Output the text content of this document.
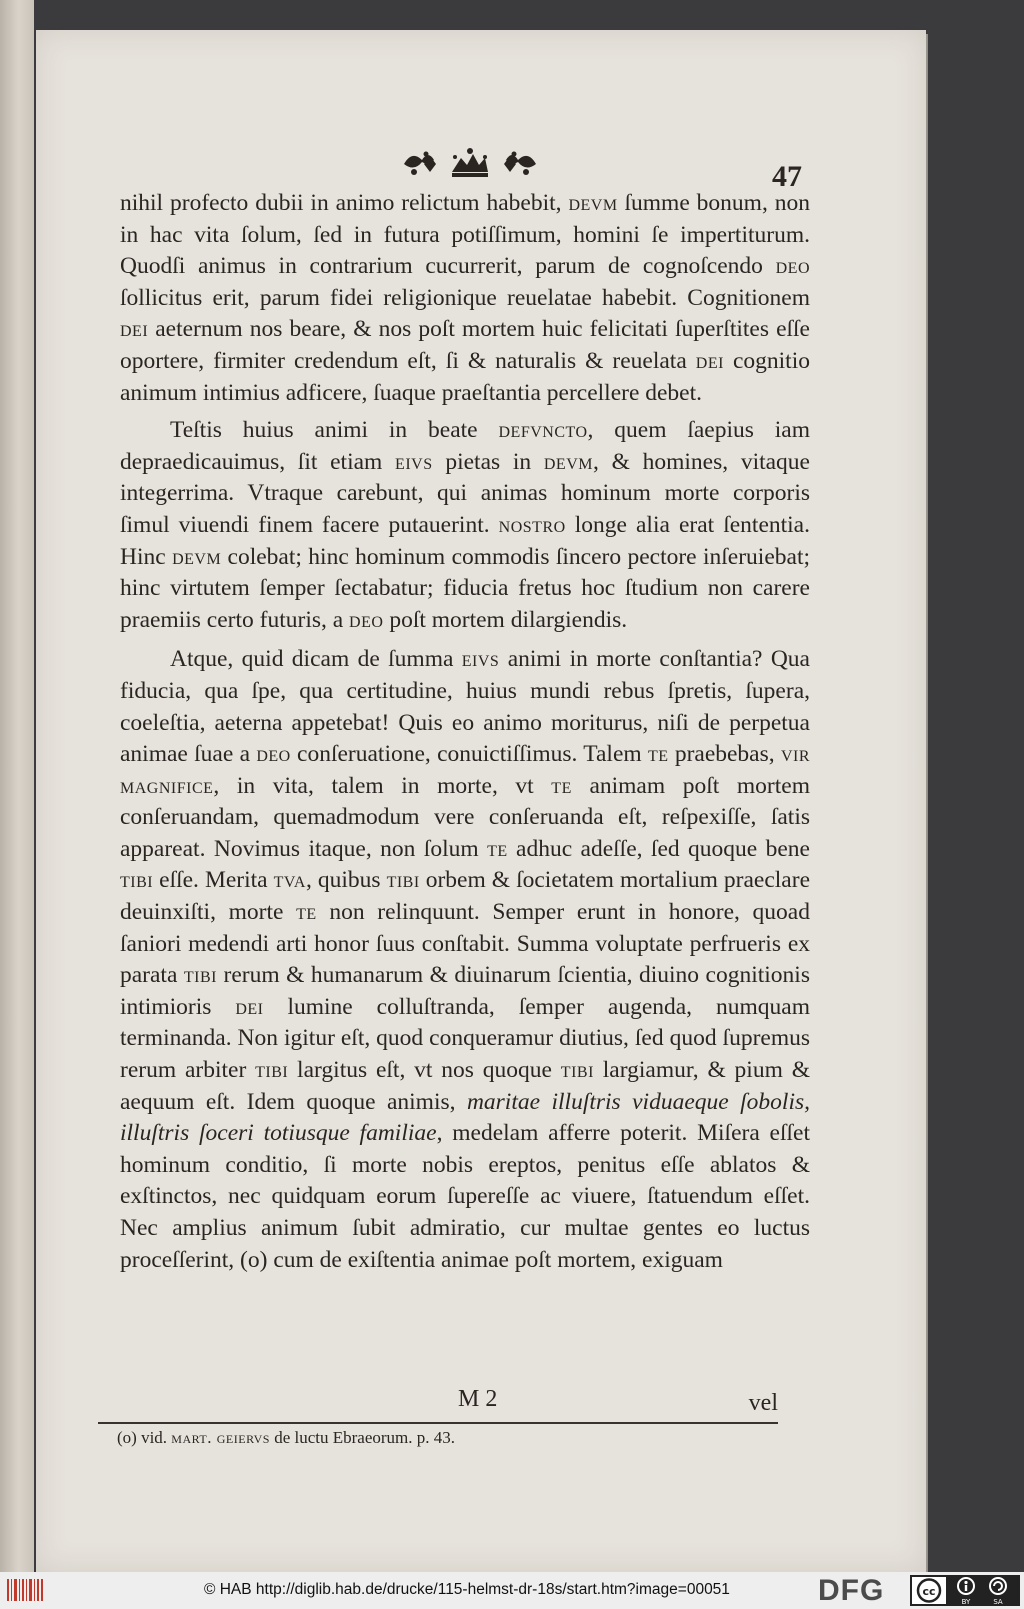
47

nihil profecto dubii in animo relictum habebit, devm ſumme bonum, non in hac vita ſolum, ſed in futura potiſſimum, homini ſe impertiturum. Quodſi animus in contrarium cucurrerit, parum de cognoſcendo deo ſollicitus erit, parum fidei religionique reuelatae habebit. Cognitionem dei aeternum nos beare, & nos poſt mortem huic felicitati ſuperſtites eſſe oportere, firmiter credendum eſt, ſi & naturalis & reuelata dei cognitio animum intimius adficere, ſuaque praeſtantia percellere debet.

Teſtis huius animi in beate defvncto, quem ſaepius iam depraedicauimus, ſit etiam eivs pietas in devm, & homines, vitaque integerrima. Vtraque carebunt, qui animas hominum morte corporis ſimul viuendi finem facere putauerint. nostro longe alia erat ſententia. Hinc devm colebat; hinc hominum commodis ſincero pectore inſeruiebat; hinc virtutem ſemper ſectabatur; fiducia fretus hoc ſtudium non carere praemiis certo futuris, a deo poſt mortem dilargiendis.

Atque, quid dicam de ſumma eivs animi in morte conſtantia? Qua fiducia, qua ſpe, qua certitudine, huius mundi rebus ſpretis, ſupera, coeleſtia, aeterna appetebat! Quis eo animo moriturus, niſi de perpetua animae ſuae a deo conſeruatione, conuictiſſimus. Talem te praebebas, vir magnifice, in vita, talem in morte, vt te animam poſt mortem conſeruandam, quemadmodum vere conſeruanda eſt, reſpexiſſe, ſatis appareat. Novimus itaque, non ſolum te adhuc adeſſe, ſed quoque bene tibi eſſe. Merita tva, quibus tibi orbem & ſocietatem mortalium praeclare deuinxiſti, morte te non relinquunt. Semper erunt in honore, quoad ſaniori medendi arti honor ſuus conſtabit. Summa voluptate perfrueris ex parata tibi rerum & humanarum & diuinarum ſcientia, diuino cognitionis intimioris dei lumine colluſtranda, ſemper augenda, numquam terminanda. Non igitur eſt, quod conqueramur diutius, ſed quod ſupremus rerum arbiter tibi largitus eſt, vt nos quoque tibi largiamur, & pium & aequum eſt. Idem quoque animis, maritae illuſtris viduaeque ſobolis, illuſtris ſoceri totiusque familiae, medelam afferre poterit. Miſera eſſet hominum conditio, ſi morte nobis ereptos, penitus eſſe ablatos & exſtinctos, nec quidquam eorum ſupereſſe ac viuere, ſtatuendum eſſet. Nec amplius animum ſubit admiratio, cur multae gentes eo luctus proceſſerint, (o) cum de exiſtentia animae poſt mortem, exiguam

M 2	vel
(o) vid. mart. geiervs de luctu Ebraeorum. p. 43.
© HAB http://diglib.hab.de/drucke/115-helmst-dr-18s/start.htm?image=00051	DFG	cc
BY	SA
